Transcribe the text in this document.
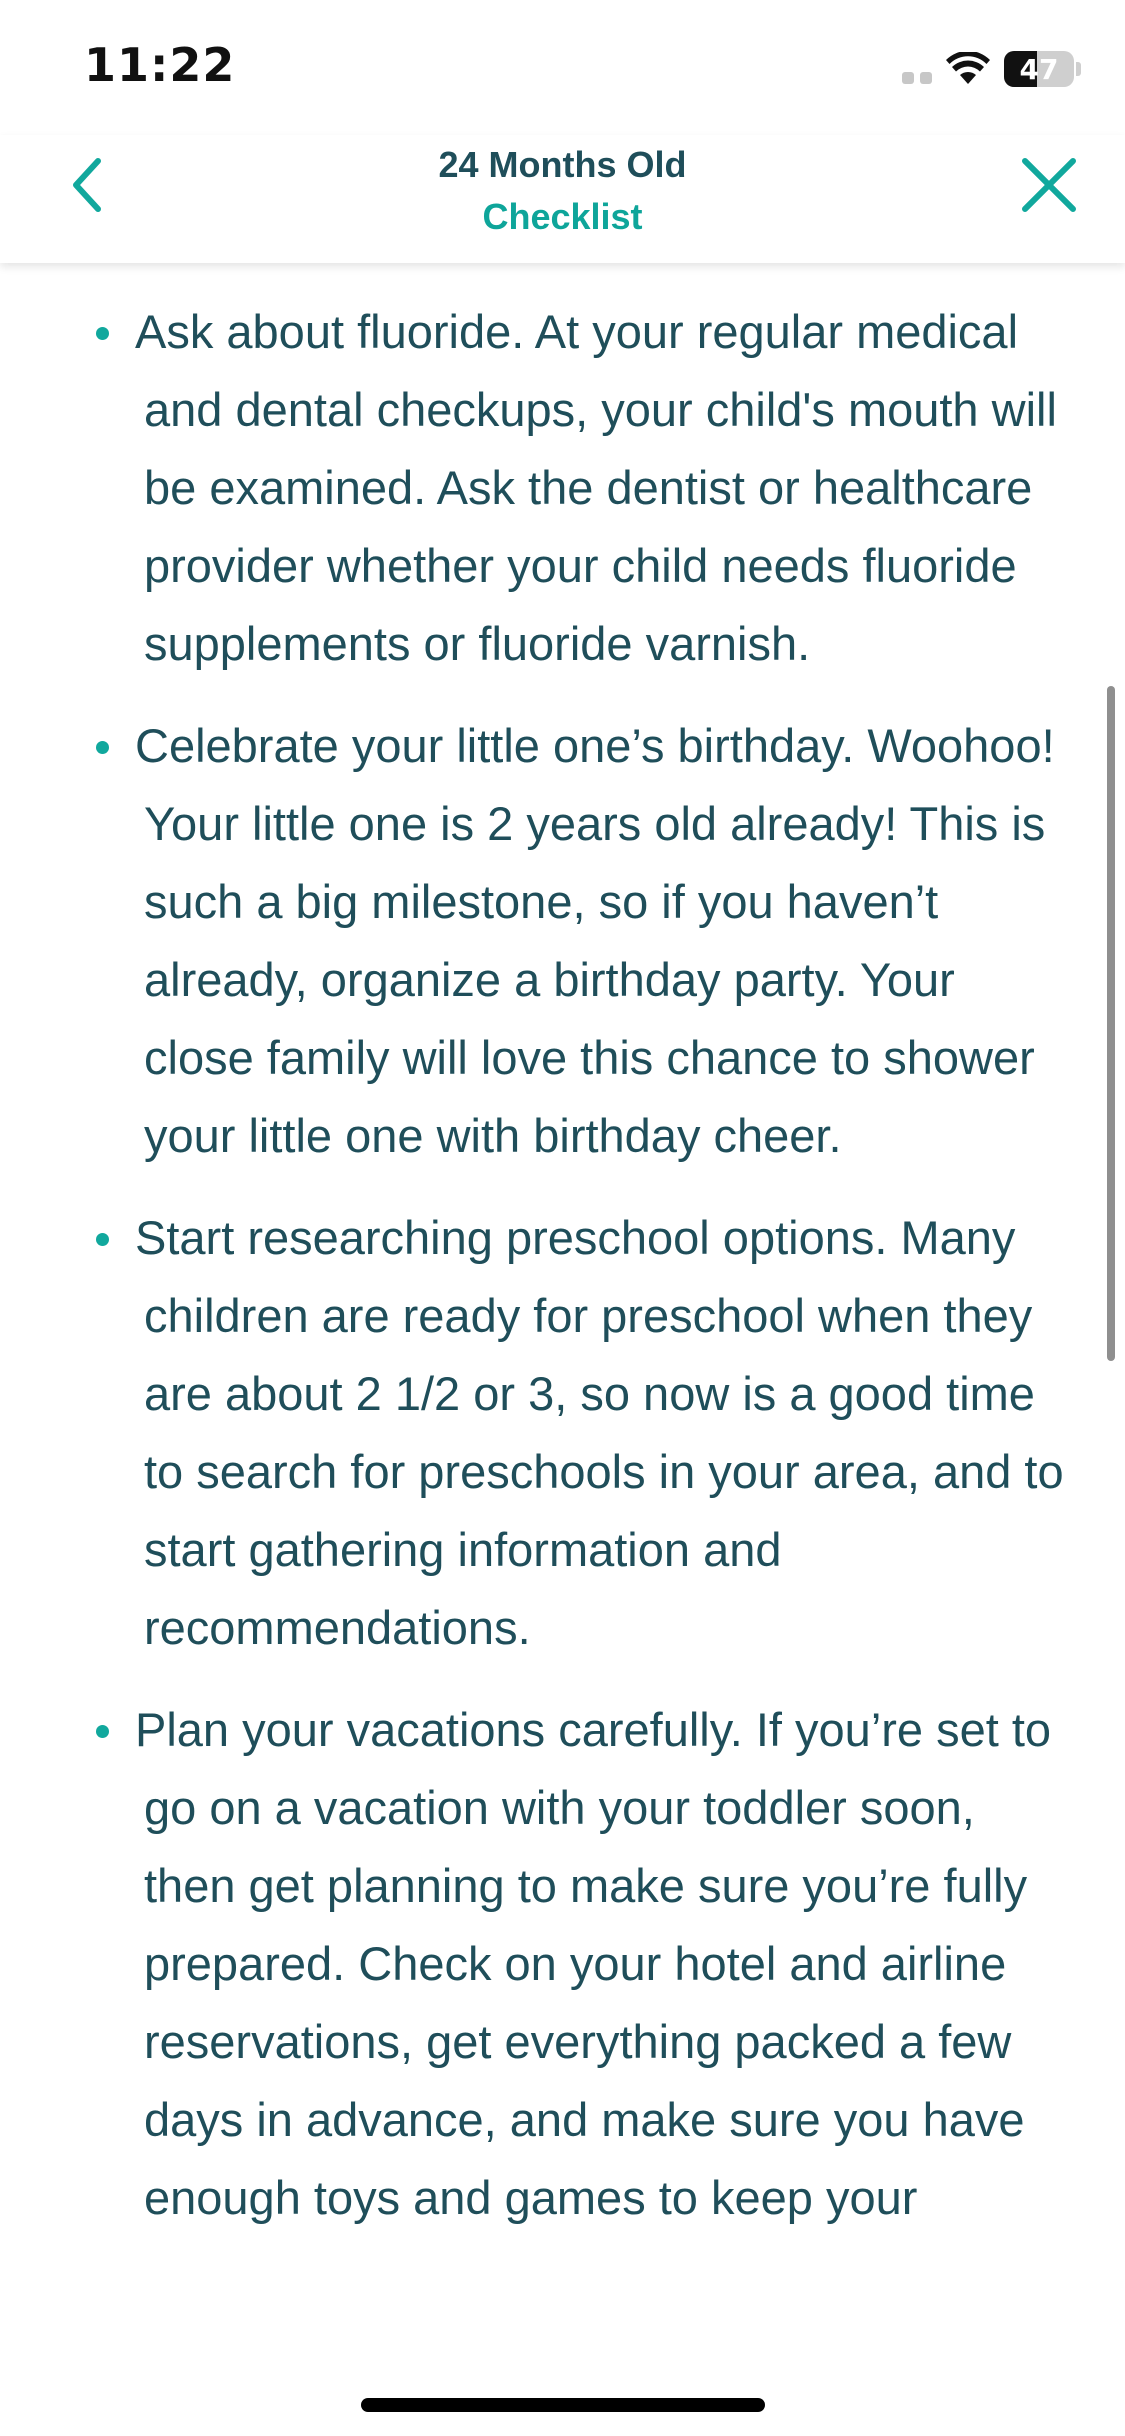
11:22	47
24 Months Old
Checklist
Ask about fluoride. At your regular medical and dental checkups, your child's mouth will be examined. Ask the dentist or healthcare provider whether your child needs fluoride supplements or fluoride varnish.
Celebrate your little one’s birthday. Woohoo! Your little one is 2 years old already! This is such a big milestone, so if you haven’t already, organize a birthday party. Your close family will love this chance to shower your little one with birthday cheer.
Start researching preschool options. Many children are ready for preschool when they are about 2 1/2 or 3, so now is a good time to search for preschools in your area, and to start gathering information and recommendations.
Plan your vacations carefully. If you’re set to go on a vacation with your toddler soon, then get planning to make sure you’re fully prepared. Check on your hotel and airline reservations, get everything packed a few days in advance, and make sure you have enough toys and games to keep your
